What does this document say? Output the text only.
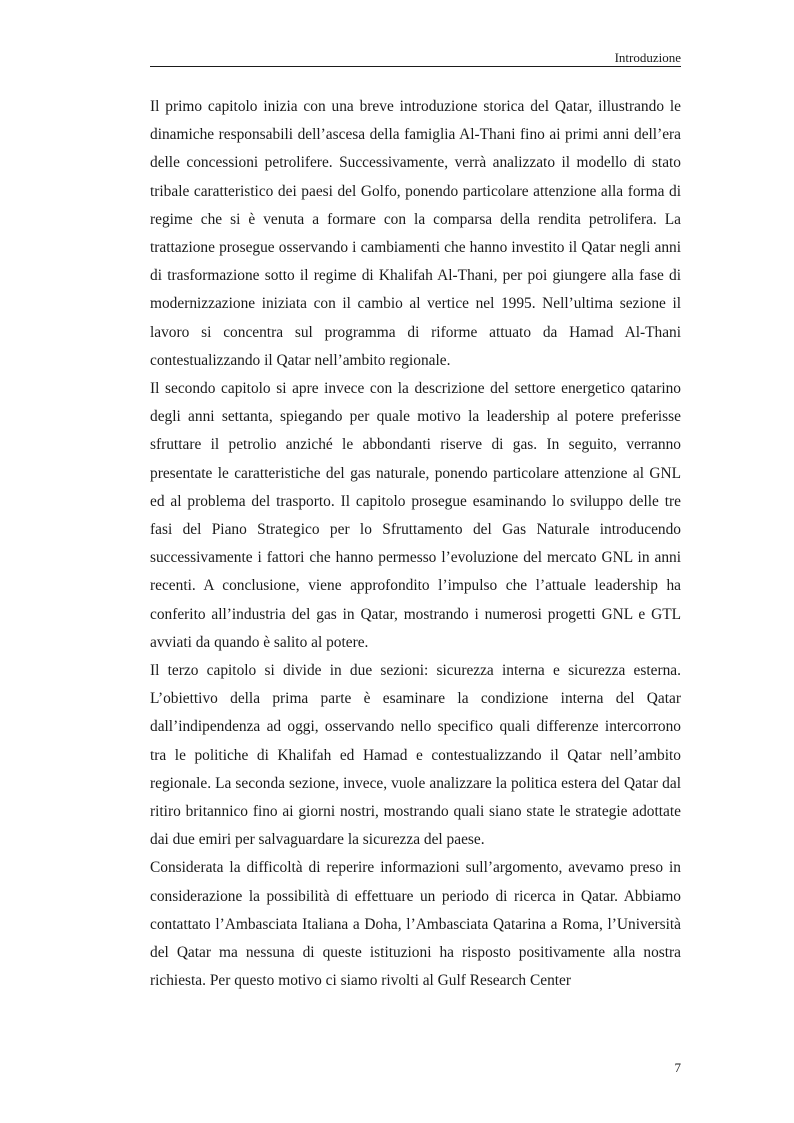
Introduzione

Il primo capitolo inizia con una breve introduzione storica del Qatar, illustrando le dinamiche responsabili dell’ascesa della famiglia Al-Thani fino ai primi anni dell’era delle concessioni petrolifere. Successivamente, verrà analizzato il modello di stato tribale caratteristico dei paesi del Golfo, ponendo particolare attenzione alla forma di regime che si è venuta a formare con la comparsa della rendita petrolifera. La trattazione prosegue osservando i cambiamenti che hanno investito il Qatar negli anni di trasformazione sotto il regime di Khalifah Al-Thani, per poi giungere alla fase di modernizzazione iniziata con il cambio al vertice nel 1995. Nell’ultima sezione il lavoro si concentra sul programma di riforme attuato da Hamad Al-Thani contestualizzando il Qatar nell’ambito regionale.

Il secondo capitolo si apre invece con la descrizione del settore energetico qatarino degli anni settanta, spiegando per quale motivo la leadership al potere preferisse sfruttare il petrolio anziché le abbondanti riserve di gas. In seguito, verranno presentate le caratteristiche del gas naturale, ponendo particolare attenzione al GNL ed al problema del trasporto. Il capitolo prosegue esaminando lo sviluppo delle tre fasi del Piano Strategico per lo Sfruttamento del Gas Naturale introducendo successivamente i fattori che hanno permesso l’evoluzione del mercato GNL in anni recenti. A conclusione, viene approfondito l’impulso che l’attuale leadership ha conferito all’industria del gas in Qatar, mostrando i numerosi progetti GNL e GTL avviati da quando è salito al potere.

Il terzo capitolo si divide in due sezioni: sicurezza interna e sicurezza esterna. L’obiettivo della prima parte è esaminare la condizione interna del Qatar dall’indipendenza ad oggi, osservando nello specifico quali differenze intercorrono tra le politiche di Khalifah ed Hamad e contestualizzando il Qatar nell’ambito regionale. La seconda sezione, invece, vuole analizzare la politica estera del Qatar dal ritiro britannico fino ai giorni nostri, mostrando quali siano state le strategie adottate dai due emiri per salvaguardare la sicurezza del paese.

Considerata la difficoltà di reperire informazioni sull’argomento, avevamo preso in considerazione la possibilità di effettuare un periodo di ricerca in Qatar. Abbiamo contattato l’Ambasciata Italiana a Doha, l’Ambasciata Qatarina a Roma, l’Università del Qatar ma nessuna di queste istituzioni ha risposto positivamente alla nostra richiesta. Per questo motivo ci siamo rivolti al Gulf Research Center

7
